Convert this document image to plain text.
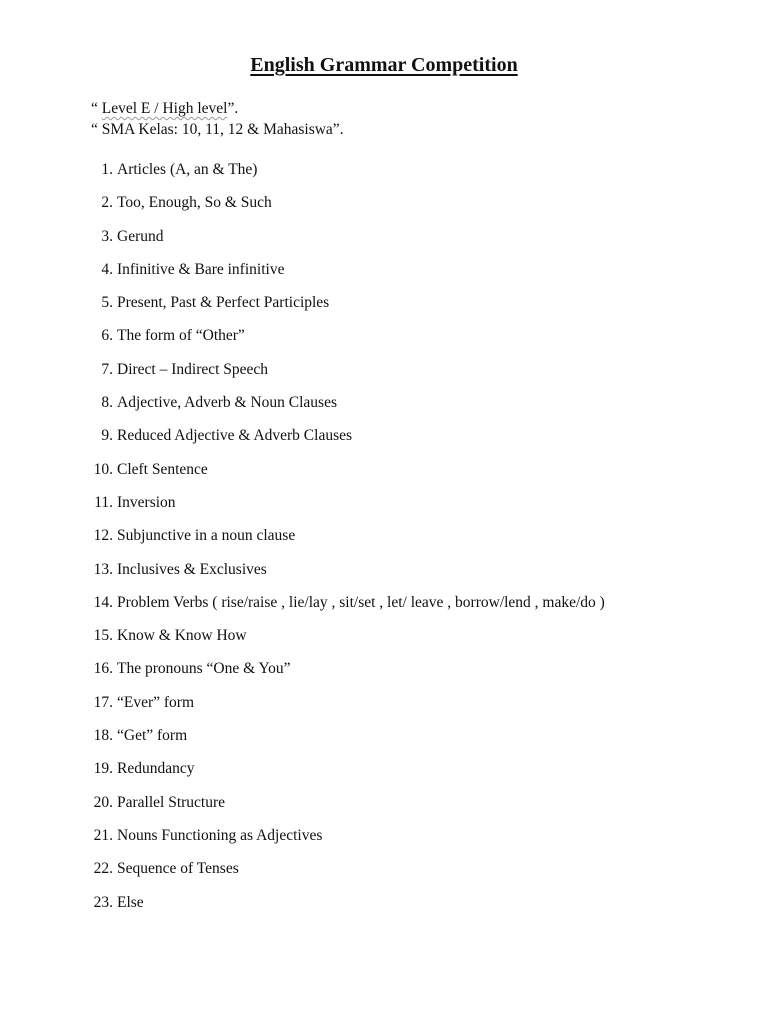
English Grammar Competition

“ Level E / High level”.

“ SMA Kelas: 10, 11, 12 & Mahasiswa”.

1. Articles (A, an & The)
2. Too, Enough, So & Such
3. Gerund
4. Infinitive & Bare infinitive
5. Present, Past & Perfect Participles
6. The form of “Other”
7. Direct – Indirect Speech
8. Adjective, Adverb & Noun Clauses
9. Reduced Adjective & Adverb Clauses
10. Cleft Sentence
11. Inversion
12. Subjunctive in a noun clause
13. Inclusives & Exclusives
14. Problem Verbs ( rise/raise , lie/lay , sit/set , let/ leave , borrow/lend , make/do )
15. Know & Know How
16. The pronouns “One & You”
17. “Ever” form
18. “Get” form
19. Redundancy
20. Parallel Structure
21. Nouns Functioning as Adjectives
22. Sequence of Tenses
23. Else
